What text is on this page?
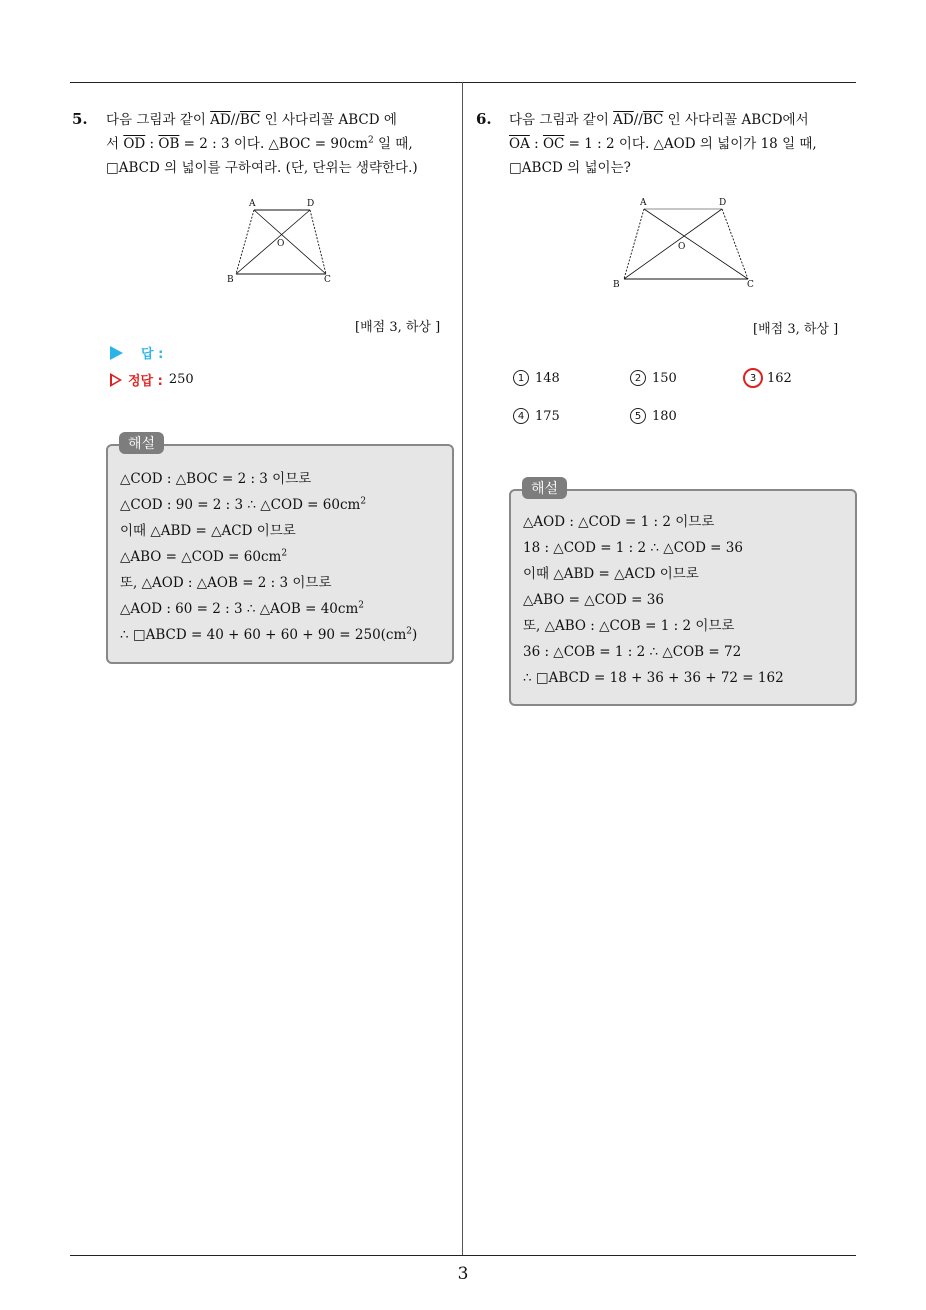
5. 다음 그림과 같이 $\overline{AD}//\overline{BC}$ 인 사다리꼴 ABCD 에
서 $\overline{OD}$ : $\overline{OB} = 2$ : 3 이다. △BOC = $90cm^2$ 일 때,
□ABCD 의 넓이를 구하여라. (단, 단위는 생략한다.)
A	D
O
B	C
[배점 3, 하상 ]
답 :
정답 : 250
△COD : △BOC = 2 : 3 이므로
△COD : 90 = 2 : 3 ∴ △COD = $60cm^2$
이때 △ABD = △ACD 이므로
△ABO = △COD = $60cm^2$
또, △AOD : △AOB = 2 : 3 이므로
△AOD : 60 = 2 : 3 ∴ △AOB = $40cm^2$
∴ □ABCD = $40 + 60 + 60 + 90 = 250(cm^2)$
해설
6. 다음 그림과 같이 $\overline{AD}//\overline{BC}$ 인 사다리꼴 ABCD에서
$\overline{OA}$ : $\overline{OC} = 1$ : 2 이다. △AOD 의 넓이가 18 일 때,
□ABCD 의 넓이는?
A	D
O
B	C
[배점 3, 하상 ]
1 148	2 150	3 162
4 175	5 180
△AOD : △COD = 1 : 2 이므로
18 : △COD = 1 : 2 ∴ △COD = 36
이때 △ABD = △ACD 이므로
△ABO = △COD = 36
또, △ABO : △COB = 1 : 2 이므로
36 : △COB = 1 : 2 ∴ △COB = 72
∴ □ABCD = 18 + 36 + 36 + 72 = 162
해설
3
